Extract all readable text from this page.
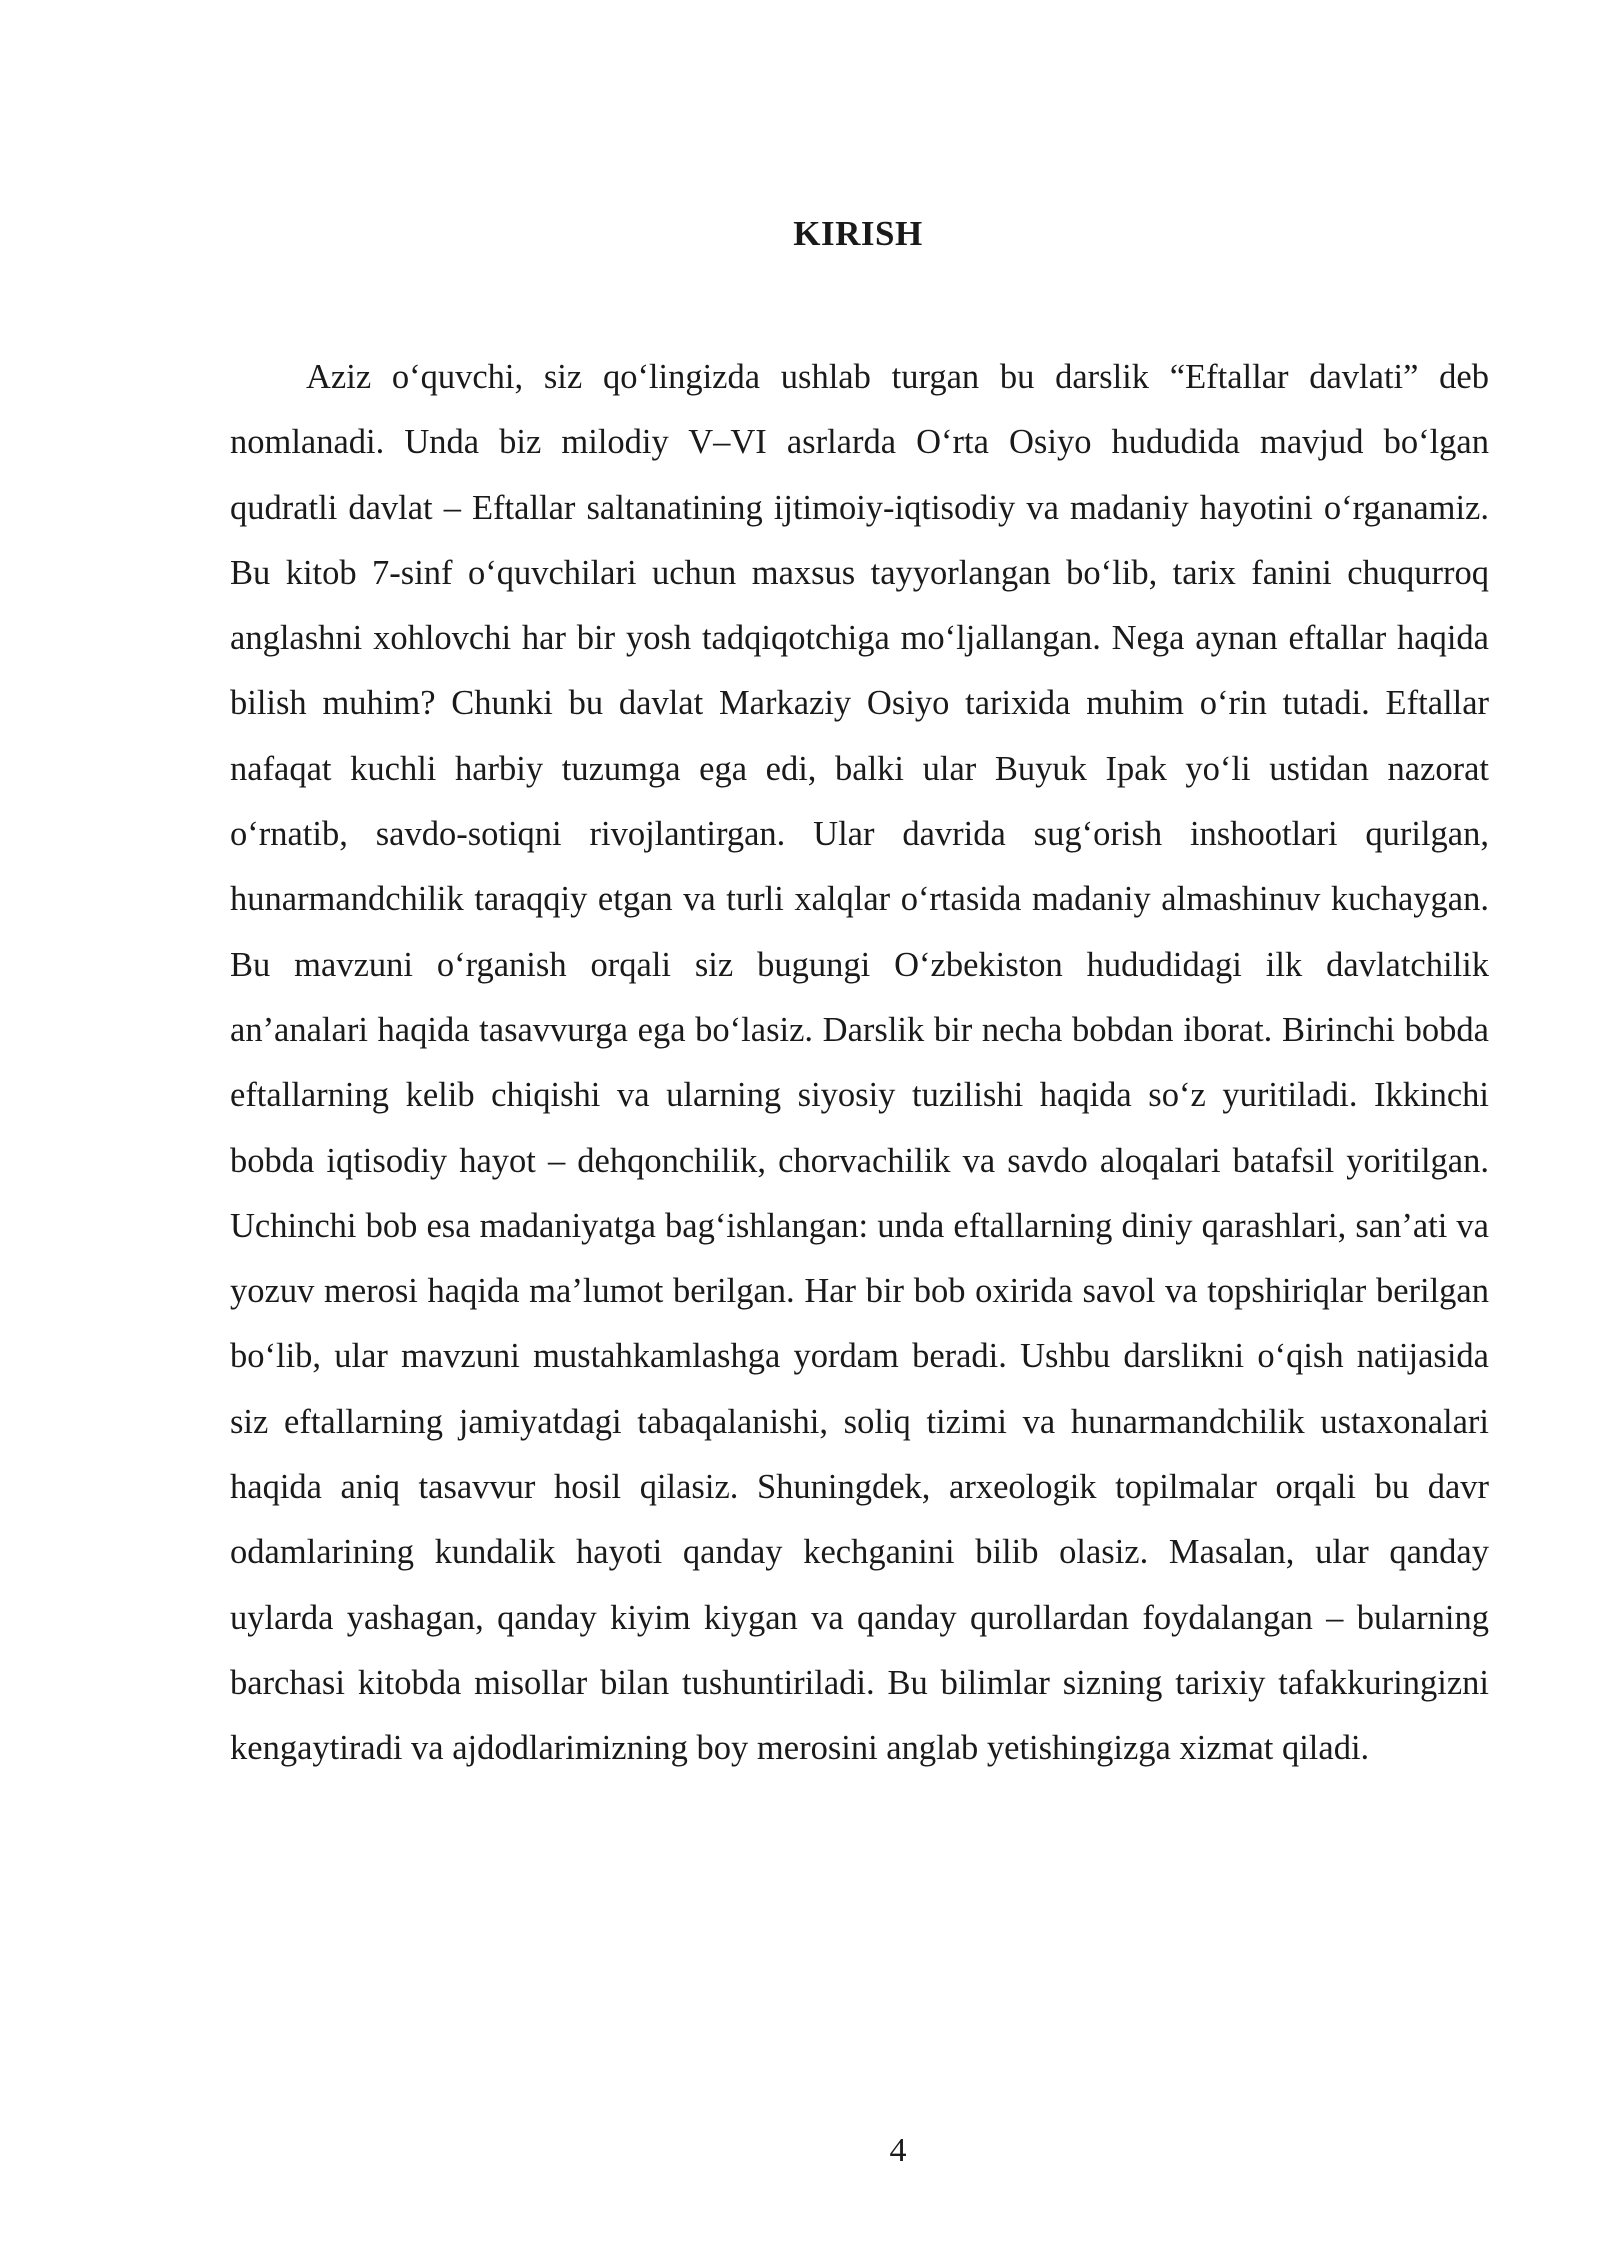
KIRISH

Aziz o‘quvchi, siz qo‘lingizda ushlab turgan bu darslik “Eftallar davlati” deb nomlanadi. Unda biz milodiy V–VI asrlarda O‘rta Osiyo hududida mavjud bo‘lgan qudratli davlat – Eftallar saltanatining ijtimoiy-iqtisodiy va madaniy hayotini o‘rganamiz. Bu kitob 7-sinf o‘quvchilari uchun maxsus tayyorlangan bo‘lib, tarix fanini chuqurroq anglashni xohlovchi har bir yosh tadqiqotchiga mo‘ljallangan. Nega aynan eftallar haqida bilish muhim? Chunki bu davlat Markaziy Osiyo tarixida muhim o‘rin tutadi. Eftallar nafaqat kuchli harbiy tuzumga ega edi, balki ular Buyuk Ipak yo‘li ustidan nazorat o‘rnatib, savdo-sotiqni rivojlantirgan. Ular davrida sug‘orish inshootlari qurilgan, hunarmandchilik taraqqiy etgan va turli xalqlar o‘rtasida madaniy almashinuv kuchaygan. Bu mavzuni o‘rganish orqali siz bugungi O‘zbekiston hududidagi ilk davlatchilik an’analari haqida tasavvurga ega bo‘lasiz. Darslik bir necha bobdan iborat. Birinchi bobda eftallarning kelib chiqishi va ularning siyosiy tuzilishi haqida so‘z yuritiladi. Ikkinchi bobda iqtisodiy hayot – dehqonchilik, chorvachilik va savdo aloqalari batafsil yoritilgan. Uchinchi bob esa madaniyatga bag‘ishlangan: unda eftallarning diniy qarashlari, san’ati va yozuv merosi haqida ma’lumot berilgan. Har bir bob oxirida savol va topshiriqlar berilgan bo‘lib, ular mavzuni mustahkamlashga yordam beradi. Ushbu darslikni o‘qish natijasida siz eftallarning jamiyatdagi tabaqalanishi, soliq tizimi va hunarmandchilik ustaxonalari haqida aniq tasavvur hosil qilasiz. Shuningdek, arxeologik topilmalar orqali bu davr odamlarining kundalik hayoti qanday kechganini bilib olasiz. Masalan, ular qanday uylarda yashagan, qanday kiyim kiygan va qanday qurollardan foydalangan – bularning barchasi kitobda misollar bilan tushuntiriladi. Bu bilimlar sizning tarixiy tafakkuringizni kengaytiradi va ajdodlarimizning boy merosini anglab yetishingizga xizmat qiladi.

4
